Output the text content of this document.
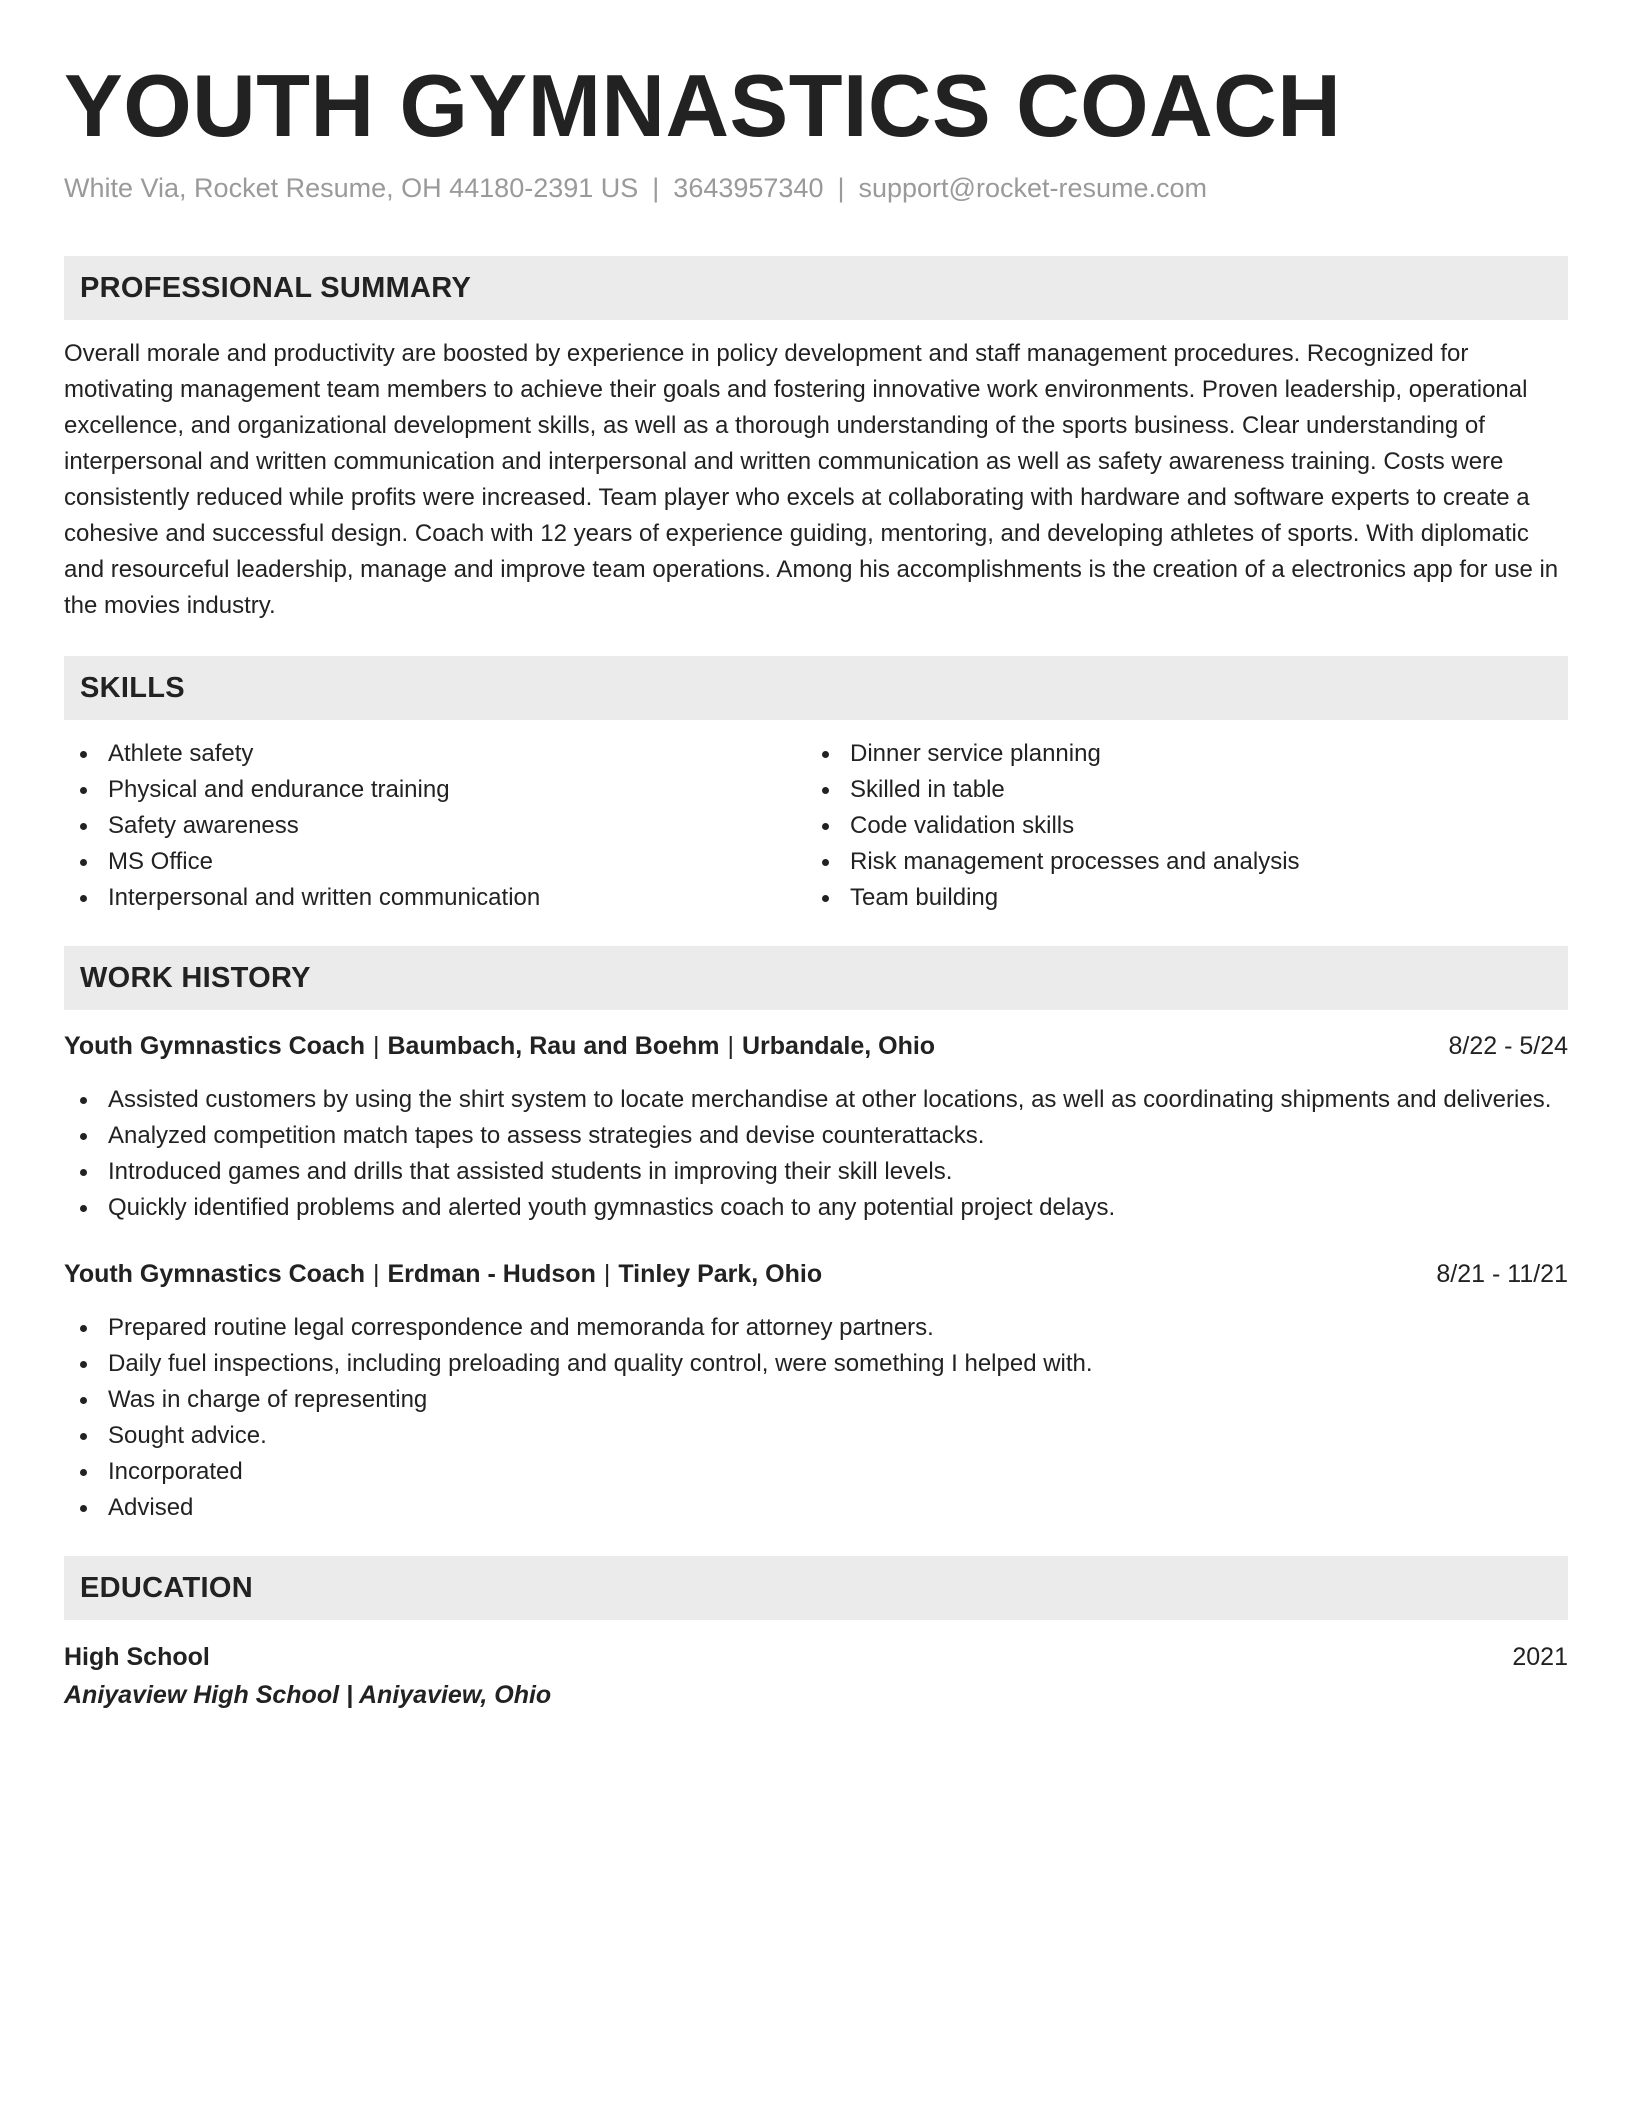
YOUTH GYMNASTICS COACH
White Via, Rocket Resume, OH 44180-2391 US | 3643957340 | support@rocket-resume.com
PROFESSIONAL SUMMARY
Overall morale and productivity are boosted by experience in policy development and staff management procedures. Recognized for motivating management team members to achieve their goals and fostering innovative work environments. Proven leadership, operational excellence, and organizational development skills, as well as a thorough understanding of the sports business. Clear understanding of interpersonal and written communication and interpersonal and written communication as well as safety awareness training. Costs were consistently reduced while profits were increased. Team player who excels at collaborating with hardware and software experts to create a cohesive and successful design. Coach with 12 years of experience guiding, mentoring, and developing athletes of sports. With diplomatic and resourceful leadership, manage and improve team operations. Among his accomplishments is the creation of a electronics app for use in the movies industry.
SKILLS
Athlete safety
Physical and endurance training
Safety awareness
MS Office
Interpersonal and written communication
Dinner service planning
Skilled in table
Code validation skills
Risk management processes and analysis
Team building
WORK HISTORY
Youth Gymnastics Coach | Baumbach, Rau and Boehm | Urbandale, Ohio	8/22 - 5/24
Assisted customers by using the shirt system to locate merchandise at other locations, as well as coordinating shipments and deliveries.
Analyzed competition match tapes to assess strategies and devise counterattacks.
Introduced games and drills that assisted students in improving their skill levels.
Quickly identified problems and alerted youth gymnastics coach to any potential project delays.
Youth Gymnastics Coach | Erdman - Hudson | Tinley Park, Ohio	8/21 - 11/21
Prepared routine legal correspondence and memoranda for attorney partners.
Daily fuel inspections, including preloading and quality control, were something I helped with.
Was in charge of representing
Sought advice.
Incorporated
Advised
EDUCATION
High School	2021
Aniyaview High School | Aniyaview, Ohio
